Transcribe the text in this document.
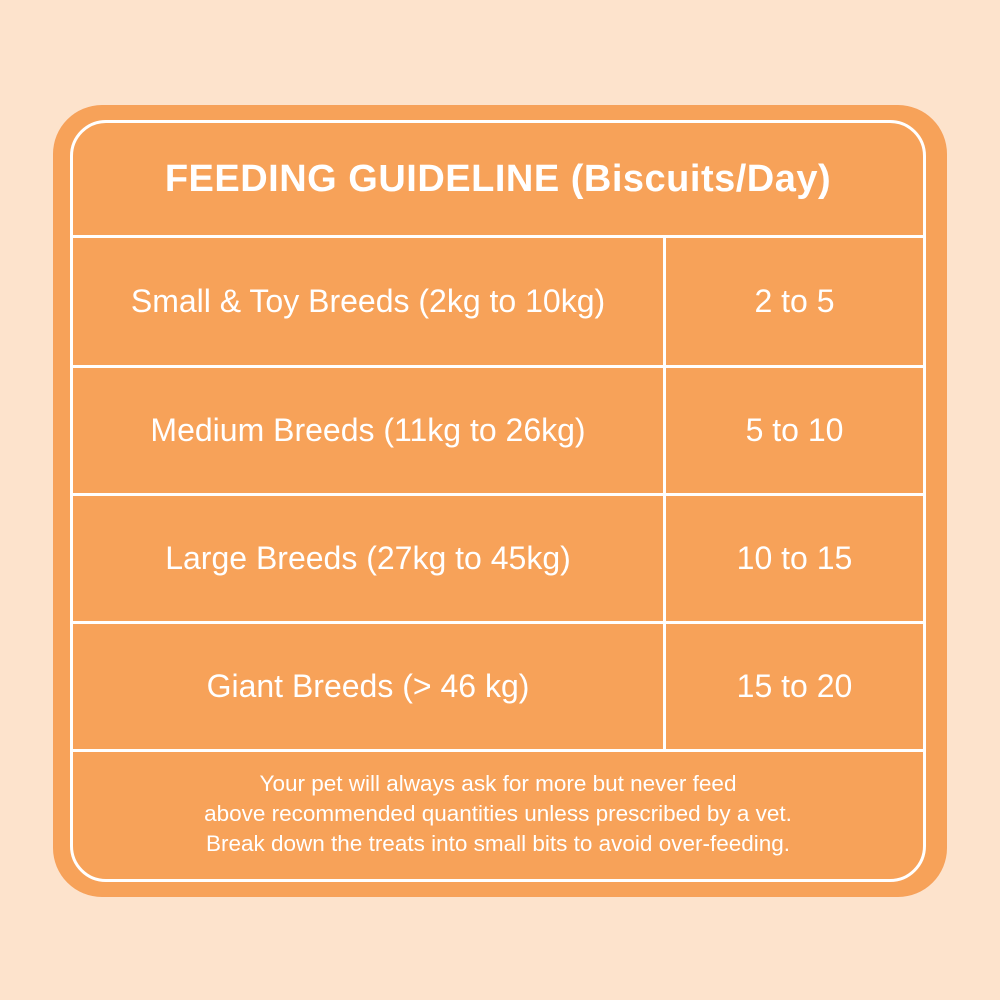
FEEDING GUIDELINE (Biscuits/Day)
Small & Toy Breeds (2kg to 10kg)	2 to 5
Medium Breeds (11kg to 26kg)	5 to 10
Large Breeds (27kg to 45kg)	10 to 15
Giant Breeds (> 46 kg)	15 to 20
Your pet will always ask for more but never feed
above recommended quantities unless prescribed by a vet.
Break down the treats into small bits to avoid over-feeding.
